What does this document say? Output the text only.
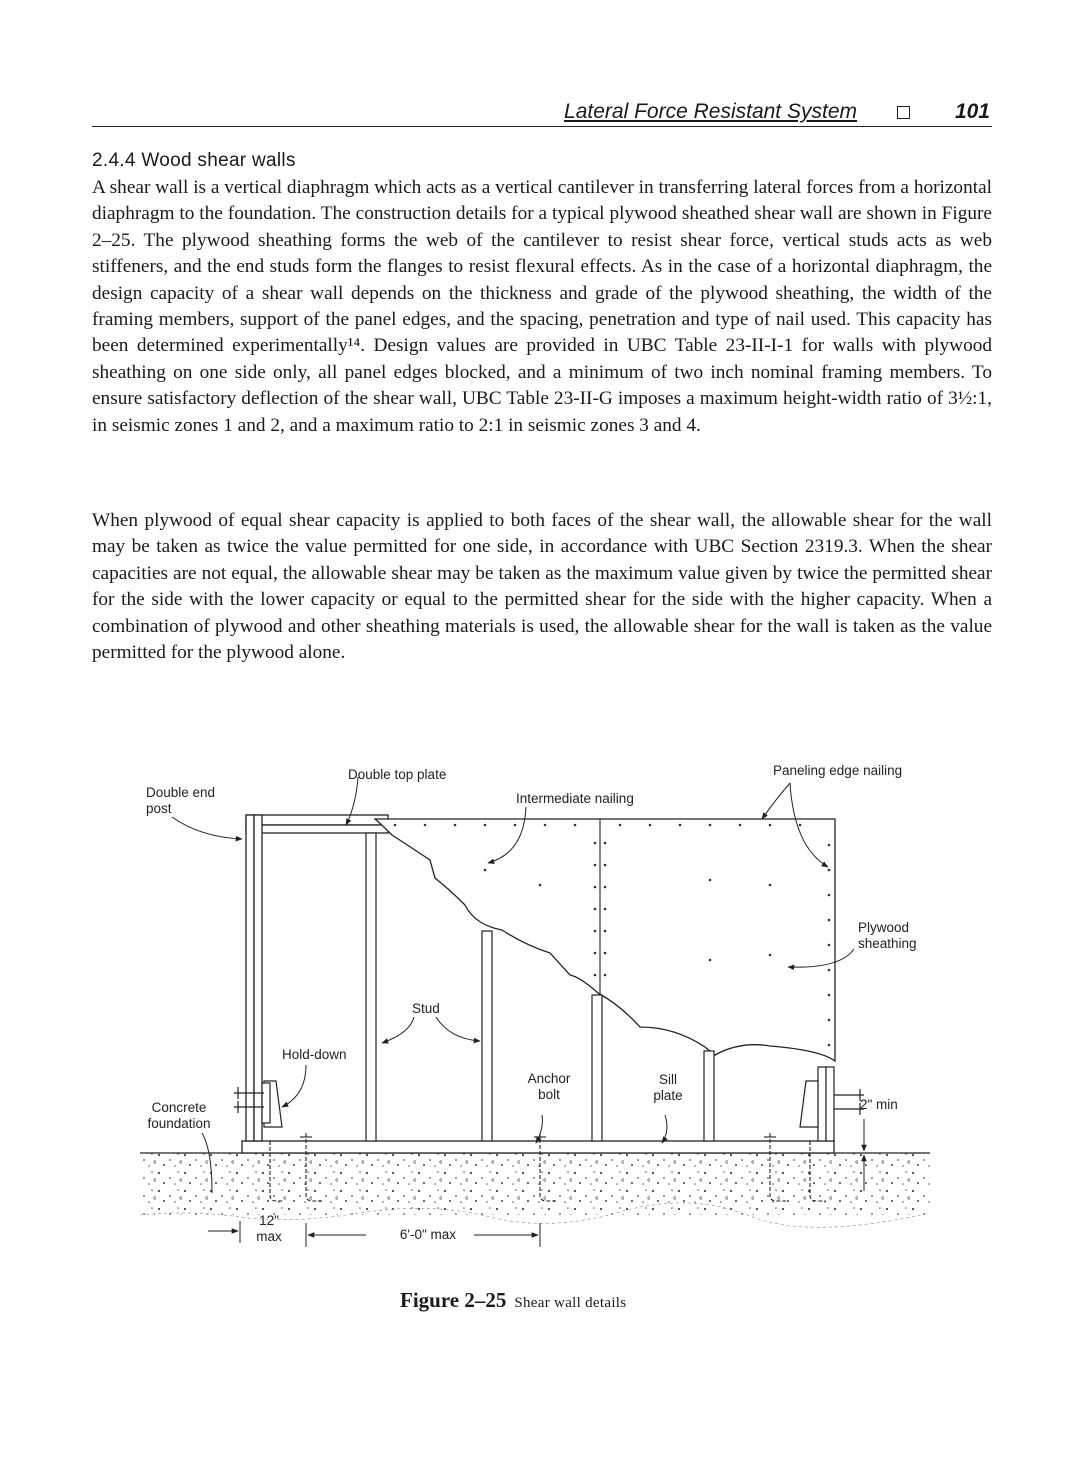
Lateral Force Resistant System	101
2.4.4 Wood shear walls

A shear wall is a vertical diaphragm which acts as a vertical cantilever in transferring lateral forces from a horizontal diaphragm to the foundation. The construction details for a typical plywood sheathed shear wall are shown in Figure 2–25. The plywood sheathing forms the web of the cantilever to resist shear force, vertical studs acts as web stiffeners, and the end studs form the flanges to resist flexural effects. As in the case of a horizontal diaphragm, the design capacity of a shear wall depends on the thickness and grade of the plywood sheathing, the width of the framing members, support of the panel edges, and the spacing, penetration and type of nail used. This capacity has been determined experimentally¹⁴. Design values are provided in UBC Table 23-II-I-1 for walls with plywood sheathing on one side only, all panel edges blocked, and a minimum of two inch nominal framing members. To ensure satisfactory deflection of the shear wall, UBC Table 23-II-G imposes a maximum height-width ratio of 3½:1, in seismic zones 1 and 2, and a maximum ratio to 2:1 in seismic zones 3 and 4.

When plywood of equal shear capacity is applied to both faces of the shear wall, the allowable shear for the wall may be taken as twice the value permitted for one side, in accordance with UBC Section 2319.3. When the shear capacities are not equal, the allowable shear may be taken as the maximum value given by twice the permitted shear for the side with the lower capacity or equal to the permitted shear for the side with the higher capacity. When a combination of plywood and other sheathing materials is used, the allowable shear for the wall is taken as the value permitted for the plywood alone.

Double end post
Double top plate
Intermediate nailing
Paneling edge nailing
Plywood sheathing
Stud
Hold-down
Anchor bolt
Sill plate
Concrete foundation
2" min
12" max	6'-0" max
Figure 2–25 Shear wall details
